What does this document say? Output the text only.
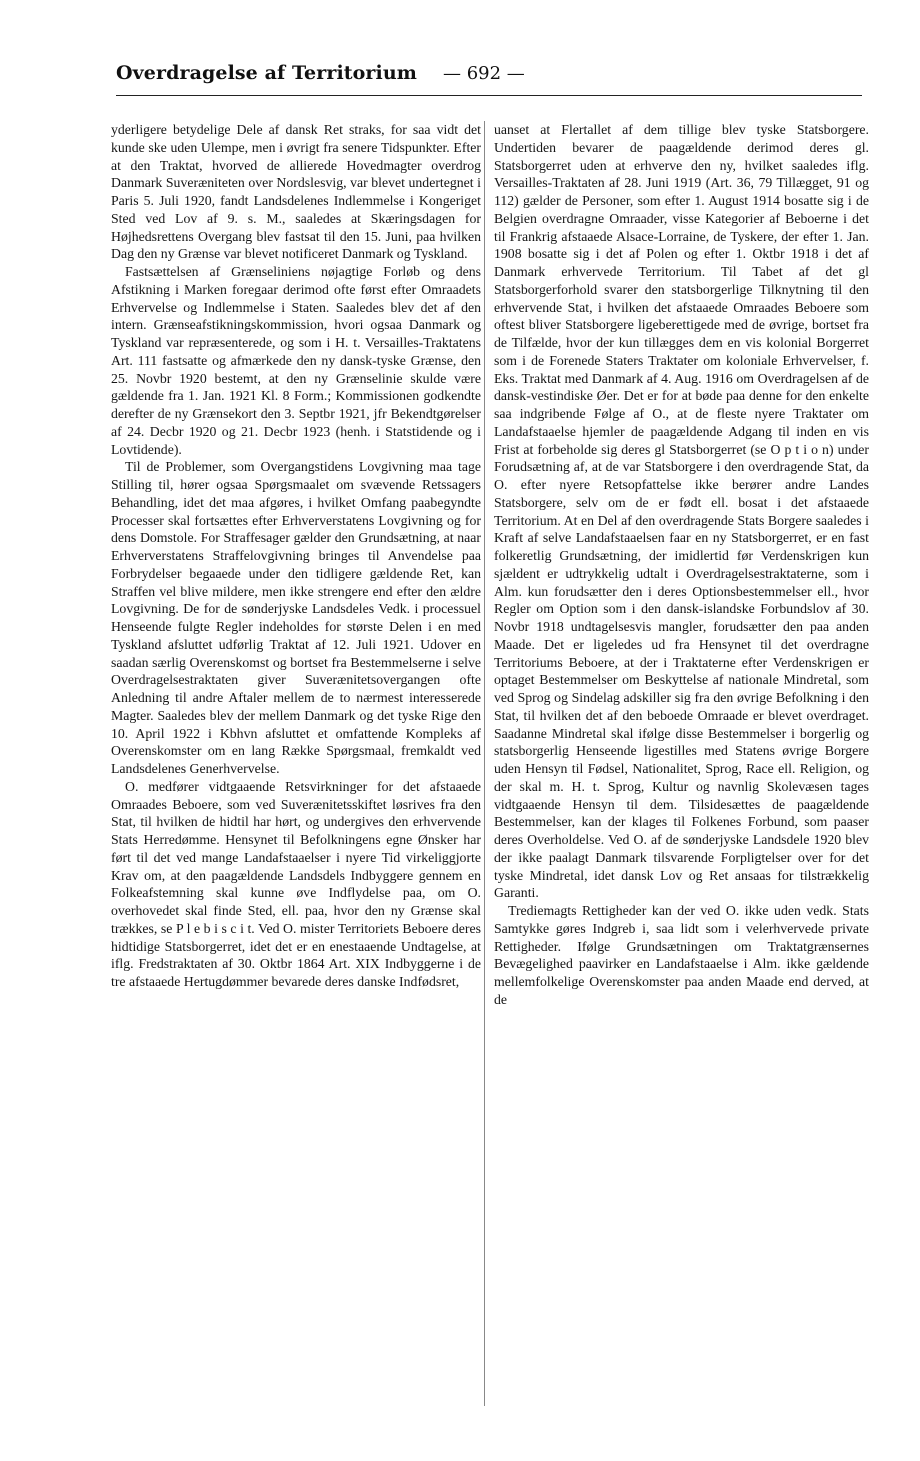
Overdragelse af Territorium — 692 —

yderligere betydelige Dele af dansk Ret straks, for saa vidt det kunde ske uden Ulempe, men i øvrigt fra senere Tidspunkter. Efter at den Traktat, hvorved de allierede Hovedmagter overdrog Danmark Suveræniteten over Nordslesvig, var blevet undertegnet i Paris 5. Juli 1920, fandt Landsdelenes Indlemmelse i Kongeriget Sted ved Lov af 9. s. M., saaledes at Skæringsdagen for Højhedsrettens Overgang blev fastsat til den 15. Juni, paa hvilken Dag den ny Grænse var blevet notificeret Danmark og Tyskland.

Fastsættelsen af Grænseliniens nøjagtige Forløb og dens Afstikning i Marken foregaar derimod ofte først efter Omraadets Erhvervelse og Indlemmelse i Staten. Saaledes blev det af den intern. Grænseafstikningskommission, hvori ogsaa Danmark og Tyskland var repræsenterede, og som i H. t. Versailles-Traktatens Art. 111 fastsatte og afmærkede den ny dansk-tyske Grænse, den 25. Novbr 1920 bestemt, at den ny Grænselinie skulde være gældende fra 1. Jan. 1921 Kl. 8 Form.; Kommissionen godkendte derefter de ny Grænsekort den 3. Septbr 1921, jfr Bekendtgørelser af 24. Decbr 1920 og 21. Decbr 1923 (henh. i Statstidende og i Lovtidende).

Til de Problemer, som Overgangstidens Lovgivning maa tage Stilling til, hører ogsaa Spørgsmaalet om svævende Retssagers Behandling, idet det maa afgøres, i hvilket Omfang paabegyndte Processer skal fortsættes efter Erhververstatens Lovgivning og for dens Domstole. For Straffesager gælder den Grundsætning, at naar Erhververstatens Straffelovgivning bringes til Anvendelse paa Forbrydelser begaaede under den tidligere gældende Ret, kan Straffen vel blive mildere, men ikke strengere end efter den ældre Lovgivning. De for de sønderjyske Landsdeles Vedk. i processuel Henseende fulgte Regler indeholdes for største Delen i en med Tyskland afsluttet udførlig Traktat af 12. Juli 1921. Udover en saadan særlig Overenskomst og bortset fra Bestemmelserne i selve Overdragelsestraktaten giver Suverænitetsovergangen ofte Anledning til andre Aftaler mellem de to nærmest interesserede Magter. Saaledes blev der mellem Danmark og det tyske Rige den 10. April 1922 i Kbhvn afsluttet et omfattende Kompleks af Overenskomster om en lang Række Spørgsmaal, fremkaldt ved Landsdelenes Generhvervelse.

O. medfører vidtgaaende Retsvirkninger for det afstaaede Omraades Beboere, som ved Suverænitetsskiftet løsrives fra den Stat, til hvilken de hidtil har hørt, og undergives den erhvervende Stats Herredømme. Hensynet til Befolkningens egne Ønsker har ført til det ved mange Landafstaaelser i nyere Tid virkeliggjorte Krav om, at den paagældende Landsdels Indbyggere gennem en Folkeafstemning skal kunne øve Indflydelse paa, om O. overhovedet skal finde Sted, ell. paa, hvor den ny Grænse skal trækkes, se P l e b i s c i t. Ved O. mister Territoriets Beboere deres hidtidige Statsborgerret, idet det er en enestaaende Undtagelse, at iflg. Fredstraktaten af 30. Oktbr 1864 Art. XIX Indbyggerne i de tre afstaaede Hertugdømmer bevarede deres danske Indfødsret,

uanset at Flertallet af dem tillige blev tyske Statsborgere. Undertiden bevarer de paagældende derimod deres gl. Statsborgerret uden at erhverve den ny, hvilket saaledes iflg. Versailles-Traktaten af 28. Juni 1919 (Art. 36, 79 Tillægget, 91 og 112) gælder de Personer, som efter 1. August 1914 bosatte sig i de Belgien overdragne Omraader, visse Kategorier af Beboerne i det til Frankrig afstaaede Alsace-Lorraine, de Tyskere, der efter 1. Jan. 1908 bosatte sig i det af Polen og efter 1. Oktbr 1918 i det af Danmark erhvervede Territorium. Til Tabet af det gl Statsborgerforhold svarer den statsborgerlige Tilknytning til den erhvervende Stat, i hvilken det afstaaede Omraades Beboere som oftest bliver Statsborgere ligeberettigede med de øvrige, bortset fra de Tilfælde, hvor der kun tillægges dem en vis kolonial Borgerret som i de Forenede Staters Traktater om koloniale Erhvervelser, f. Eks. Traktat med Danmark af 4. Aug. 1916 om Overdragelsen af de dansk-vestindiske Øer. Det er for at bøde paa denne for den enkelte saa indgribende Følge af O., at de fleste nyere Traktater om Landafstaaelse hjemler de paagældende Adgang til inden en vis Frist at forbeholde sig deres gl Statsborgerret (se O p t i o n) under Forudsætning af, at de var Statsborgere i den overdragende Stat, da O. efter nyere Retsopfattelse ikke berører andre Landes Statsborgere, selv om de er født ell. bosat i det afstaaede Territorium. At en Del af den overdragende Stats Borgere saaledes i Kraft af selve Landafstaaelsen faar en ny Statsborgerret, er en fast folkeretlig Grundsætning, der imidlertid før Verdenskrigen kun sjældent er udtrykkelig udtalt i Overdragelsestraktaterne, som i Alm. kun forudsætter den i deres Optionsbestemmelser ell., hvor Regler om Option som i den dansk-islandske Forbundslov af 30. Novbr 1918 undtagelsesvis mangler, forudsætter den paa anden Maade. Det er ligeledes ud fra Hensynet til det overdragne Territoriums Beboere, at der i Traktaterne efter Verdenskrigen er optaget Bestemmelser om Beskyttelse af nationale Mindretal, som ved Sprog og Sindelag adskiller sig fra den øvrige Befolkning i den Stat, til hvilken det af den beboede Omraade er blevet overdraget. Saadanne Mindretal skal ifølge disse Bestemmelser i borgerlig og statsborgerlig Henseende ligestilles med Statens øvrige Borgere uden Hensyn til Fødsel, Nationalitet, Sprog, Race ell. Religion, og der skal m. H. t. Sprog, Kultur og navnlig Skolevæsen tages vidtgaaende Hensyn til dem. Tilsidesættes de paagældende Bestemmelser, kan der klages til Folkenes Forbund, som paaser deres Overholdelse. Ved O. af de sønderjyske Landsdele 1920 blev der ikke paalagt Danmark tilsvarende Forpligtelser over for det tyske Mindretal, idet dansk Lov og Ret ansaas for tilstrækkelig Garanti.

Trediemagts Rettigheder kan der ved O. ikke uden vedk. Stats Samtykke gøres Indgreb i, saa lidt som i velerhvervede private Rettigheder. Ifølge Grundsætningen om Traktatgrænsernes Bevægelighed paavirker en Landafstaaelse i Alm. ikke gældende mellemfolkelige Overenskomster paa anden Maade end derved, at de
